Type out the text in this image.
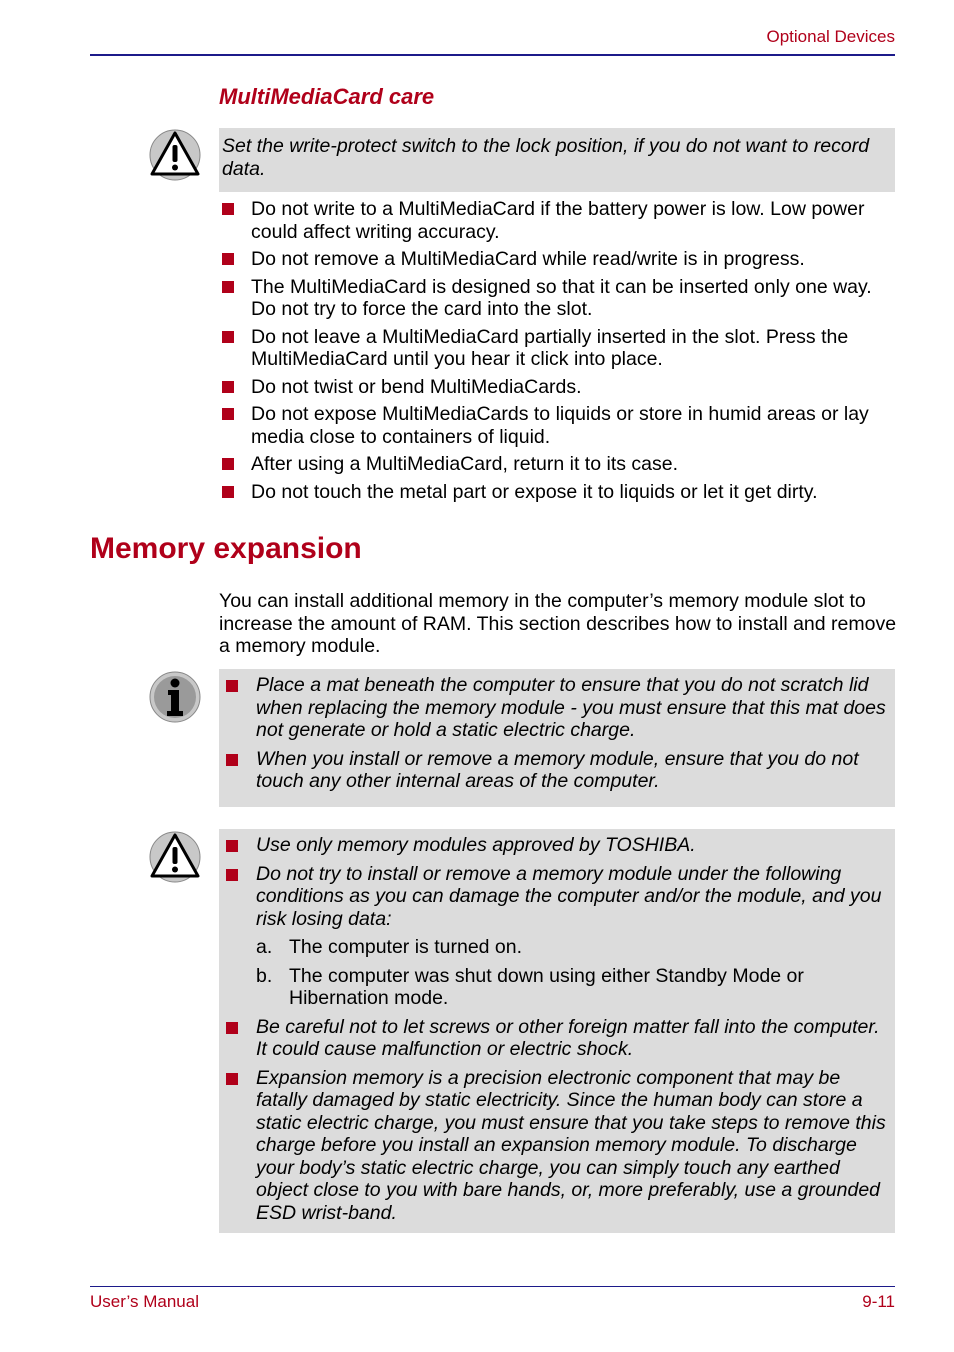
Optional Devices
MultiMediaCard care
Set the write-protect switch to the lock position, if you do not want to record data.
Do not write to a MultiMediaCard if the battery power is low. Low power could affect writing accuracy.
Do not remove a MultiMediaCard while read/write is in progress.
The MultiMediaCard is designed so that it can be inserted only one way. Do not try to force the card into the slot.
Do not leave a MultiMediaCard partially inserted in the slot. Press the MultiMediaCard until you hear it click into place.
Do not twist or bend MultiMediaCards.
Do not expose MultiMediaCards to liquids or store in humid areas or lay media close to containers of liquid.
After using a MultiMediaCard, return it to its case.
Do not touch the metal part or expose it to liquids or let it get dirty.
Memory expansion
You can install additional memory in the computer’s memory module slot to increase the amount of RAM. This section describes how to install and remove a memory module.
Place a mat beneath the computer to ensure that you do not scratch lid when replacing the memory module - you must ensure that this mat does not generate or hold a static electric charge.
When you install or remove a memory module, ensure that you do not touch any other internal areas of the computer.
Use only memory modules approved by TOSHIBA.
Do not try to install or remove a memory module under the following conditions as you can damage the computer and/or the module, and you risk losing data:
a. The computer is turned on.
b. The computer was shut down using either Standby Mode or Hibernation mode.
Be careful not to let screws or other foreign matter fall into the computer. It could cause malfunction or electric shock.
Expansion memory is a precision electronic component that may be fatally damaged by static electricity. Since the human body can store a static electric charge, you must ensure that you take steps to remove this charge before you install an expansion memory module. To discharge your body’s static electric charge, you can simply touch any earthed object close to you with bare hands, or, more preferably, use a grounded ESD wrist-band.
User’s Manual	9-11
